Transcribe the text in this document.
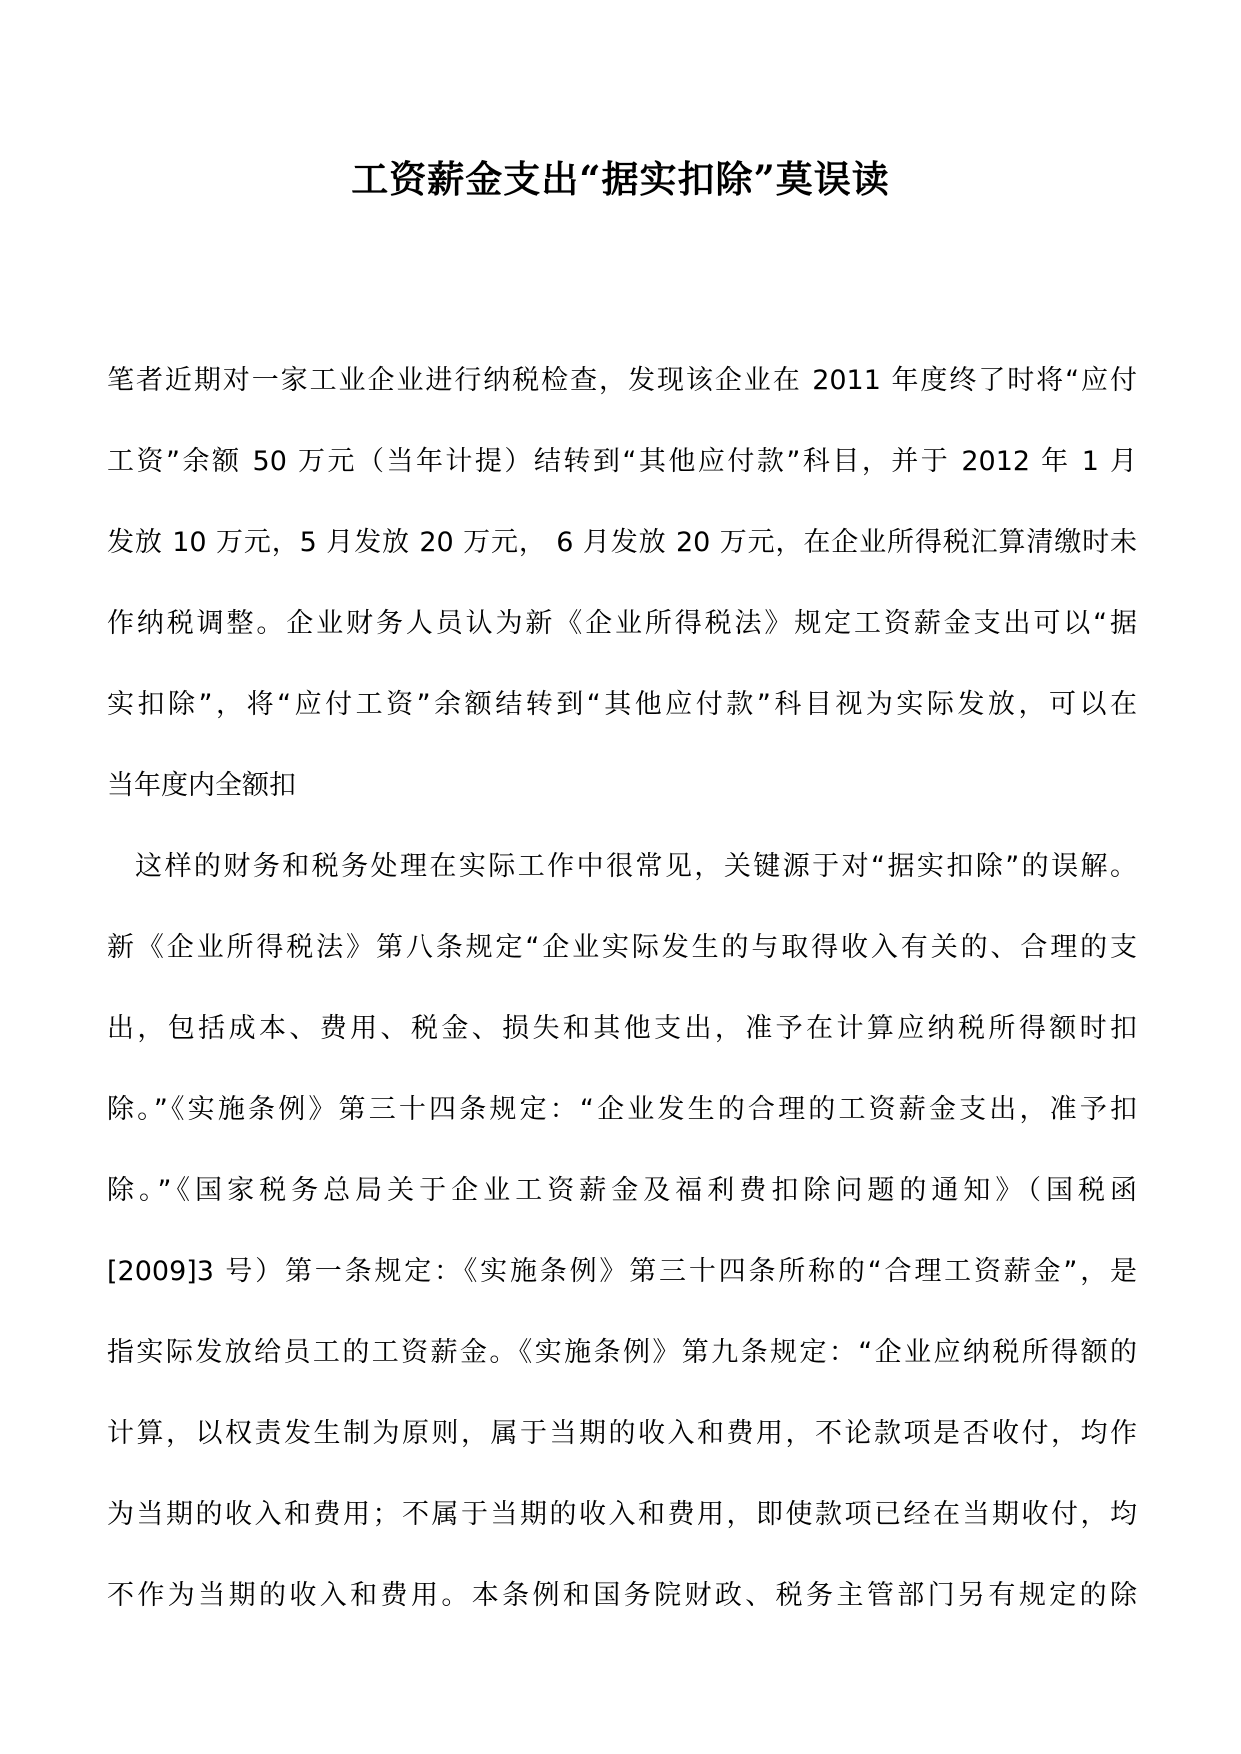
工资薪金支出“据实扣除”莫误读
笔者近期对一家工业企业进行纳税检查，发现该企业在 2011 年度终了时将“应付
工资”余额 50 万元（当年计提）结转到“其他应付款”科目，并于 2012 年 1 月
发放 10 万元，5 月发放 20 万元， 6 月发放 20 万元，在企业所得税汇算清缴时未
作纳税调整。企业财务人员认为新《企业所得税法》规定工资薪金支出可以“据
实扣除”，将“应付工资”余额结转到“其他应付款”科目视为实际发放，可以在
当年度内全额扣
这样的财务和税务处理在实际工作中很常见，关键源于对“据实扣除”的误解。
新《企业所得税法》第八条规定“企业实际发生的与取得收入有关的、合理的支
出，包括成本、费用、税金、损失和其他支出，准予在计算应纳税所得额时扣
除。”《实施条例》第三十四条规定：“企业发生的合理的工资薪金支出，准予扣
除。”《国家税务总局关于企业工资薪金及福利费扣除问题的通知》（国税函
[2009]3 号）第一条规定：《实施条例》第三十四条所称的“合理工资薪金”，是
指实际发放给员工的工资薪金。《实施条例》第九条规定：“企业应纳税所得额的
计算，以权责发生制为原则，属于当期的收入和费用，不论款项是否收付，均作
为当期的收入和费用；不属于当期的收入和费用，即使款项已经在当期收付，均
不作为当期的收入和费用。本条例和国务院财政、税务主管部门另有规定的除
